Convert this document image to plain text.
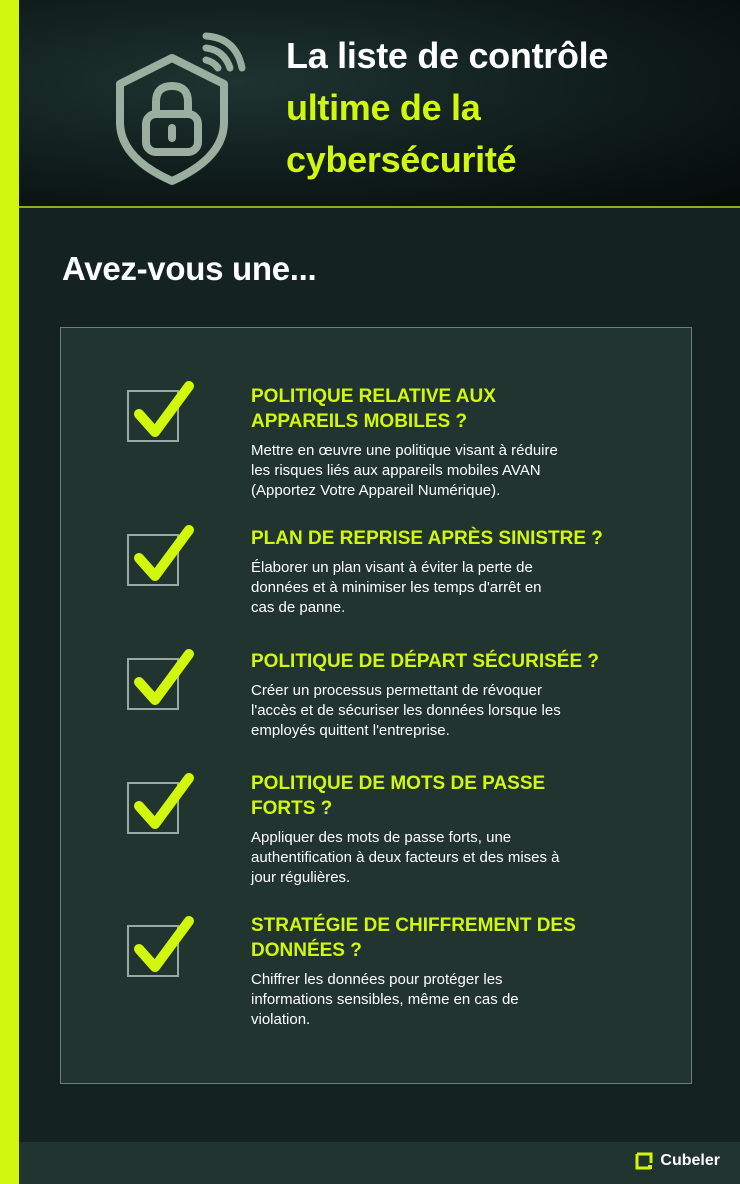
La liste de contrôle
ultime de la
cybersécurité
Avez-vous une...
POLITIQUE RELATIVE AUX
APPAREILS MOBILES ?
Mettre en œuvre une politique visant à réduire
les risques liés aux appareils mobiles AVAN
(Apportez Votre Appareil Numérique).
PLAN DE REPRISE APRÈS SINISTRE ?
Élaborer un plan visant à éviter la perte de
données et à minimiser les temps d'arrêt en
cas de panne.
POLITIQUE DE DÉPART SÉCURISÉE ?
Créer un processus permettant de révoquer
l'accès et de sécuriser les données lorsque les
employés quittent l'entreprise.
POLITIQUE DE MOTS DE PASSE
FORTS ?
Appliquer des mots de passe forts, une
authentification à deux facteurs et des mises à
jour régulières.
STRATÉGIE DE CHIFFREMENT DES
DONNÉES ?
Chiffrer les données pour protéger les
informations sensibles, même en cas de
violation.
Cubeler
